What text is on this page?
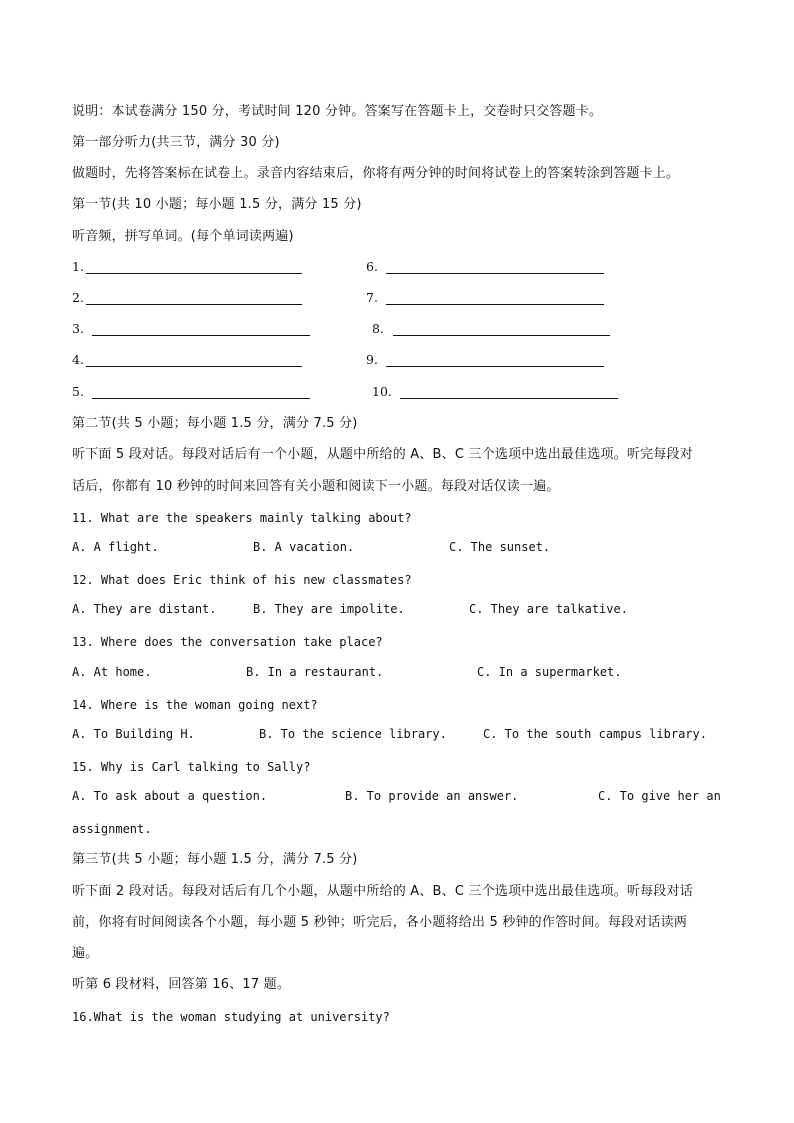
说明：本试卷满分 150 分，考试时间 120 分钟。答案写在答题卡上，交卷时只交答题卡。
第一部分听力(共三节，满分 30 分)
做题时，先将答案标在试卷上。录音内容结束后，你将有两分钟的时间将试卷上的答案转涂到答题卡上。
第一节(共 10 小题；每小题 1.5 分，满分 15 分)
听音频，拼写单词。(每个单词读两遍)
1.	6.
2.	7.
3.	8.
4.	9.
5.	10.
第二节(共 5 小题；每小题 1.5 分，满分 7.5 分)
听下面 5 段对话。每段对话后有一个小题，从题中所给的 A、B、C 三个选项中选出最佳选项。听完每段对
话后，你都有 10 秒钟的时间来回答有关小题和阅读下一小题。每段对话仅读一遍。
11. What are the speakers mainly talking about?
A. A flight.	B. A vacation.	C. The sunset.
12. What does Eric think of his new classmates?
A. They are distant.	B. They are impolite.	C. They are talkative.
13. Where does the conversation take place?
A. At home.	B. In a restaurant.	C. In a supermarket.
14. Where is the woman going next?
A. To Building H.	B. To the science library.	C. To the south campus library.
15. Why is Carl talking to Sally?
A. To ask about a question.	B. To provide an answer.	C. To give her an
assignment.
第三节(共 5 小题；每小题 1.5 分，满分 7.5 分)
听下面 2 段对话。每段对话后有几个小题，从题中所给的 A、B、C 三个选项中选出最佳选项。听每段对话
前，你将有时间阅读各个小题，每小题 5 秒钟；听完后，各小题将给出 5 秒钟的作答时间。每段对话读两
遍。
听第 6 段材料，回答第 16、17 题。
16.What is the woman studying at university?
